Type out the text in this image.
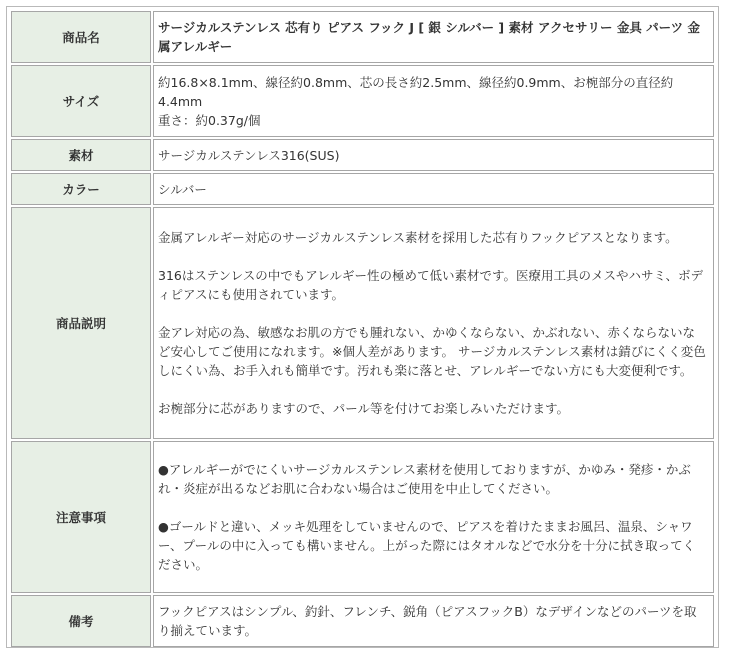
商品名	サージカルステンレス 芯有り ピアス フック J [ 銀 シルバー ] 素材 アクセサリー 金具 パーツ 金属アレルギー

サイズ	約16.8×8.1mm、線径約0.8mm、芯の長さ約2.5mm、線径約0.9mm、お椀部分の直径約4.4mm

重さ：約0.37g/個

素材	サージカルステンレス316(SUS)

カラー	シルバー

商品説明	金属アレルギー対応のサージカルステンレス素材を採用した芯有りフックピアスとなります。

316はステンレスの中でもアレルギー性の極めて低い素材です。医療用工具のメスやハサミ、ボディピアスにも使用されています。

金アレ対応の為、敏感なお肌の方でも腫れない、かゆくならない、かぶれない、赤くならないなど安心してご使用になれます。※個人差があります。 サージカルステンレス素材は錆びにくく変色しにくい為、お手入れも簡単です。汚れも楽に落とせ、アレルギーでない方にも大変便利です。

お椀部分に芯がありますので、パール等を付けてお楽しみいただけます。

注意事項	●アレルギーがでにくいサージカルステンレス素材を使用しておりますが、かゆみ・発疹・かぶれ・炎症が出るなどお肌に合わない場合はご使用を中止してください。

●ゴールドと違い、メッキ処理をしていませんので、ピアスを着けたままお風呂、温泉、シャワー、プールの中に入っても構いません。上がった際にはタオルなどで水分を十分に拭き取ってください。

備考	フックピアスはシンプル、釣針、フレンチ、鋭角（ピアスフックB）なデザインなどのパーツを取り揃えています。
